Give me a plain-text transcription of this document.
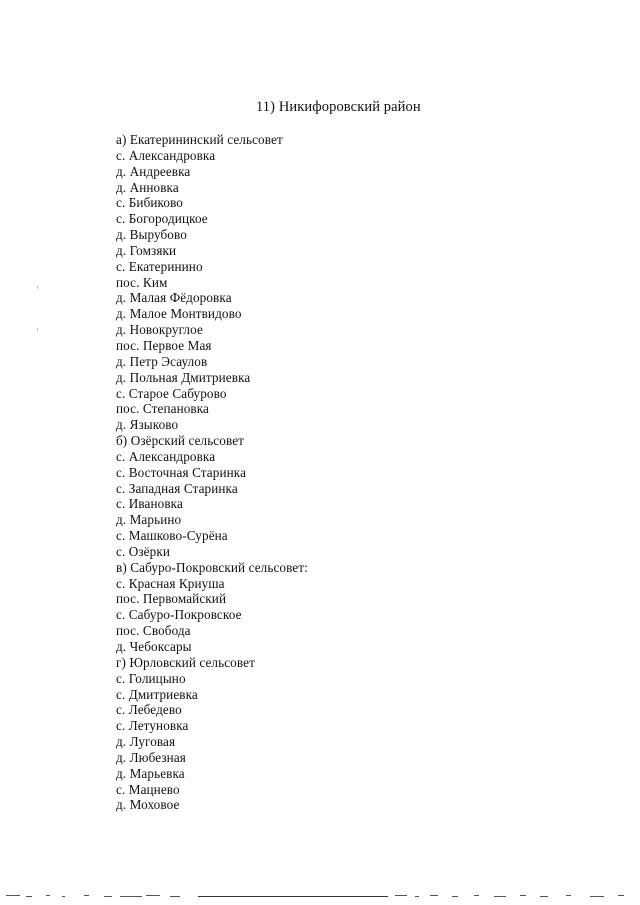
11) Никифоровский район
а) Екатерининский сельсовет
с. Александровка
д. Андреевка
д. Анновка
с. Бибиково
с. Богородицкое
д. Вырубово
д. Гомзяки
с. Екатеринино
пос. Ким
д. Малая Фёдоровка
д. Малое Монтвидово
д. Новокруглое
пос. Первое Мая
д. Петр Эсаулов
д. Польная Дмитриевка
с. Старое Сабурово
пос. Степановка
д. Языково
б) Озёрский сельсовет
с. Александровка
с. Восточная Старинка
с. Западная Старинка
с. Ивановка
д. Марьино
с. Машково-Сурёна
с. Озёрки
в) Сабуро-Покровский сельсовет:
с. Красная Криуша
пос. Первомайский
с. Сабуро-Покровское
пос. Свобода
д. Чебоксары
г) Юрловский сельсовет
с. Голицыно
с. Дмитриевка
с. Лебедево
с. Летуновка
д. Луговая
д. Любезная
д. Марьевка
с. Мацнево
д. Моховое
